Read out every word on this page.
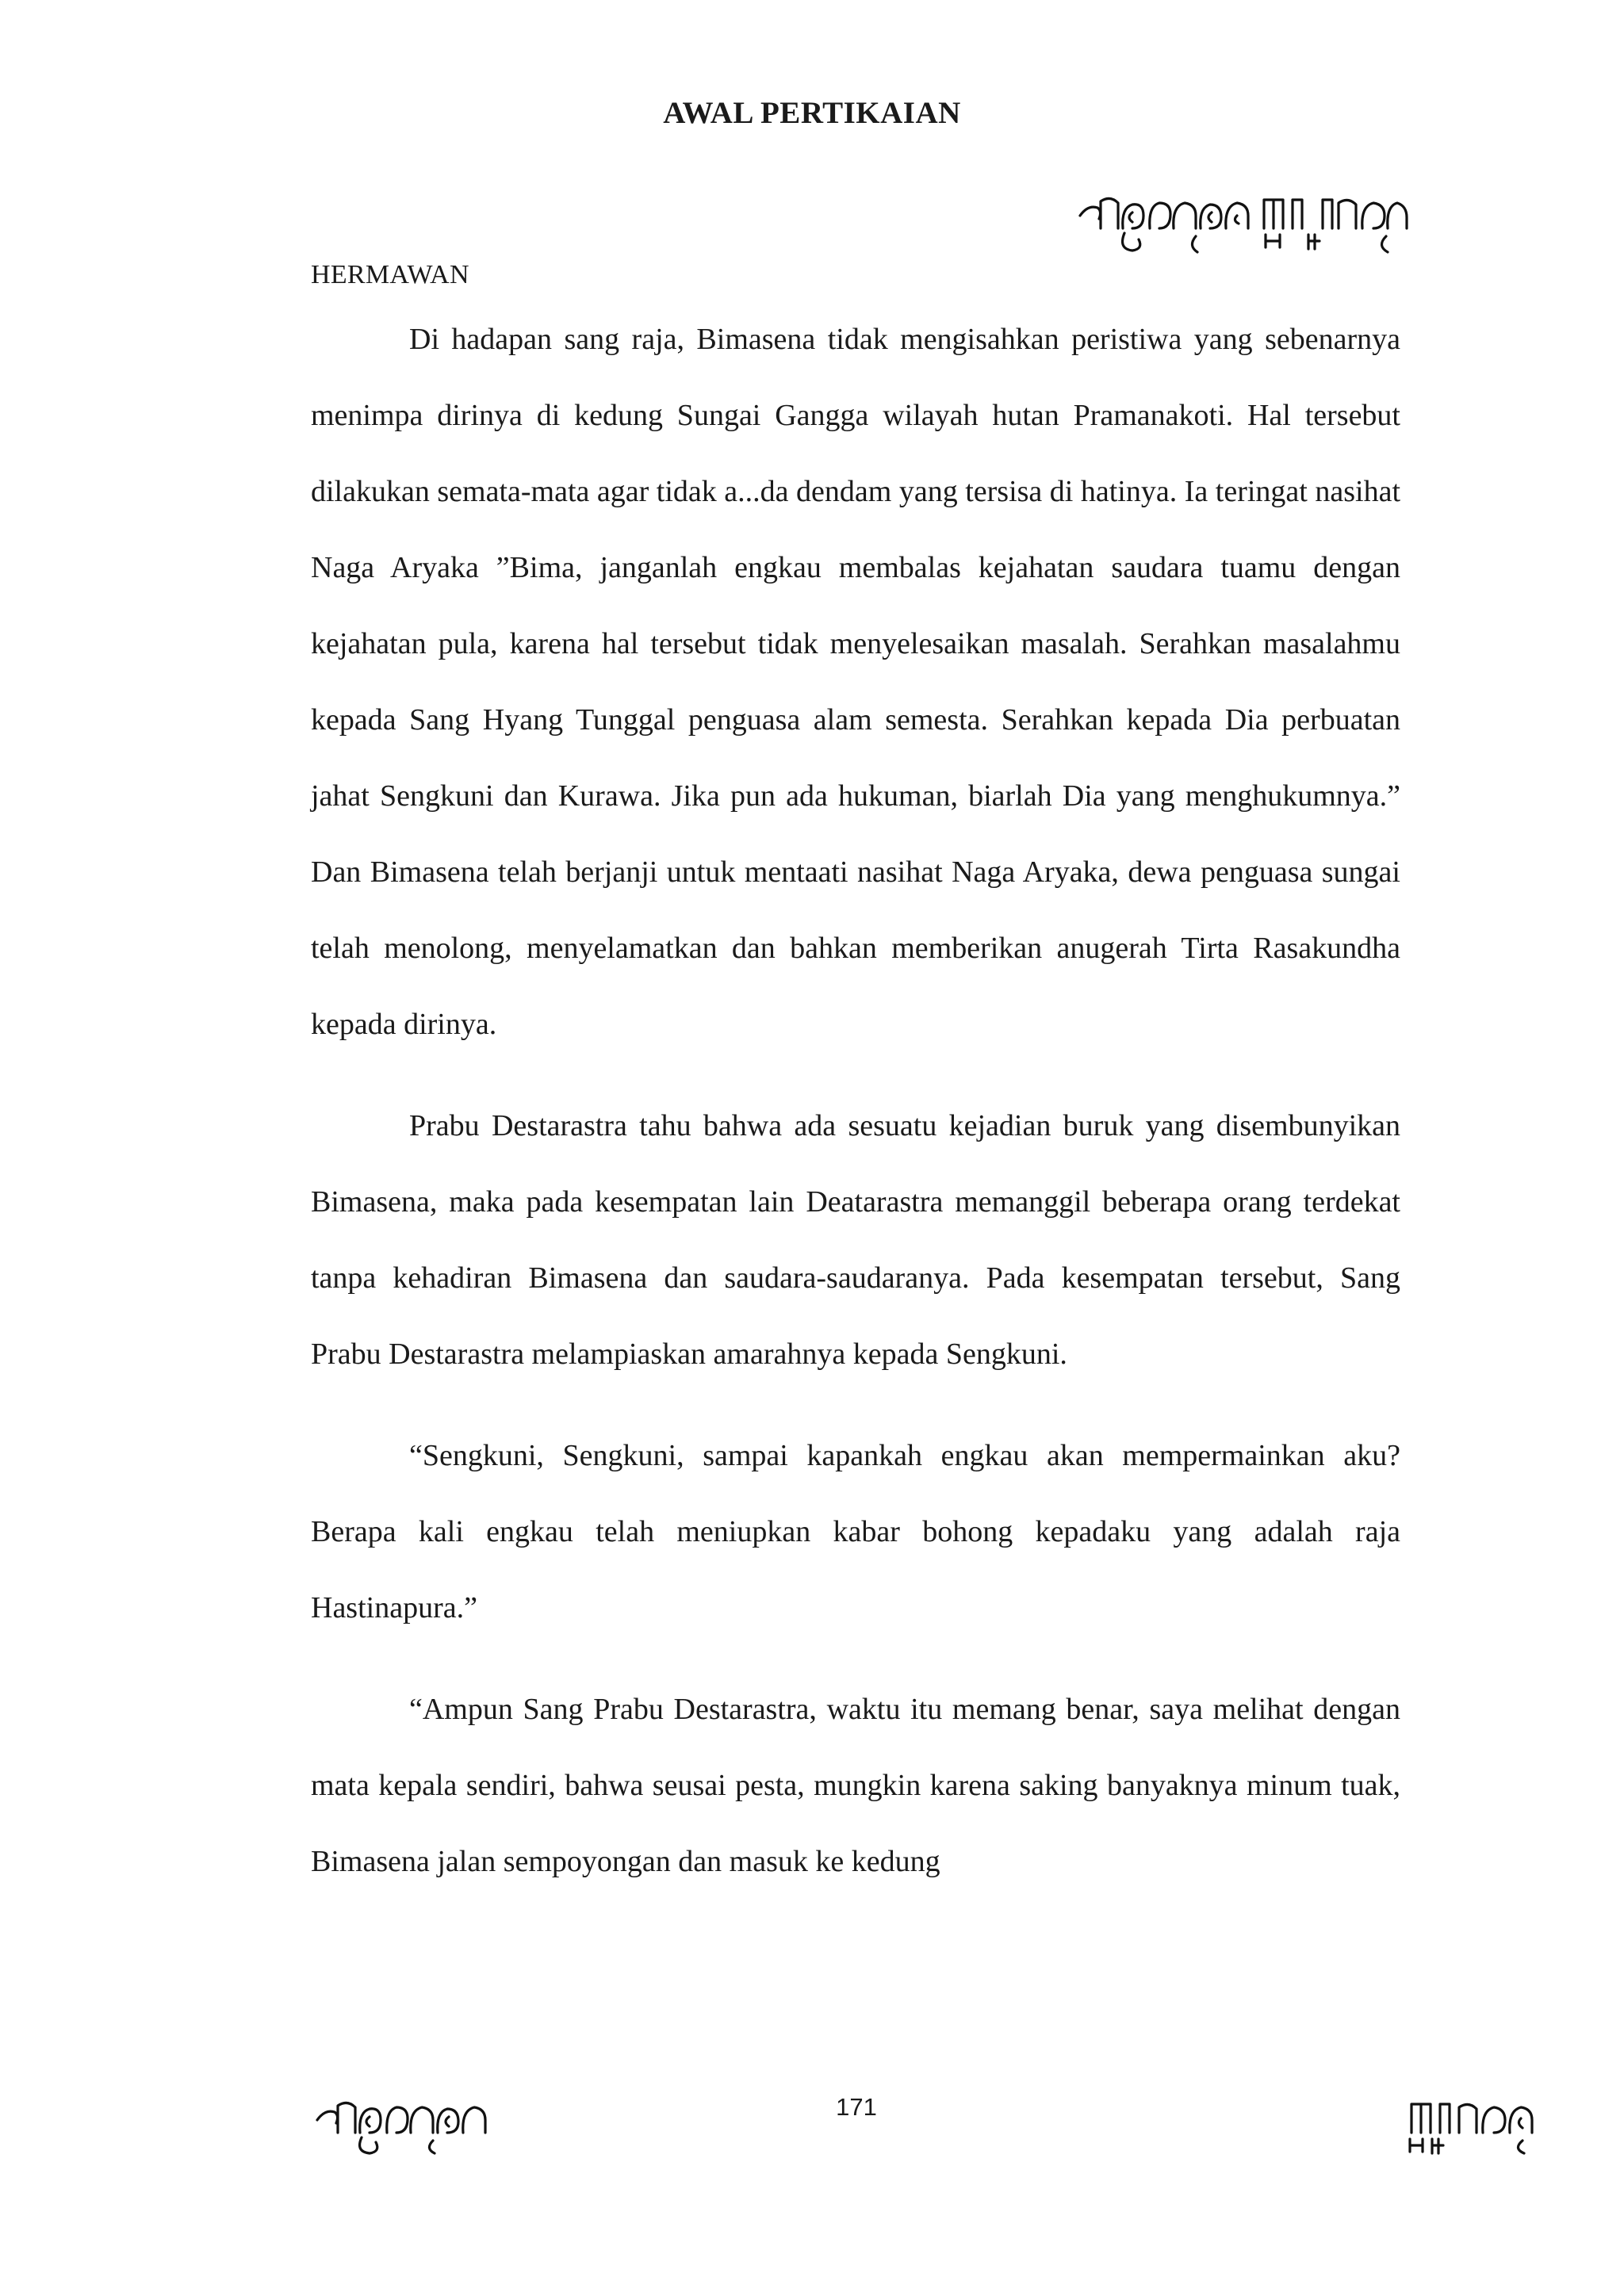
AWAL PERTIKAIAN
HERMAWAN

Di hadapan sang raja, Bimasena tidak mengisahkan peristiwa yang sebenarnya menimpa dirinya di kedung Sungai Gangga wilayah hutan Pramanakoti. Hal tersebut dilakukan semata-mata agar tidak a...da dendam yang tersisa di hatinya. Ia teringat nasihat Naga Aryaka ”Bima, janganlah engkau membalas kejahatan saudara tuamu dengan kejahatan pula, karena hal tersebut tidak menyelesaikan masalah. Serahkan masalahmu kepada Sang Hyang Tunggal penguasa alam semesta. Serahkan kepada Dia perbuatan jahat Sengkuni dan Kurawa. Jika pun ada hukuman, biarlah Dia yang menghukumnya.” Dan Bimasena telah berjanji untuk mentaati nasihat Naga Aryaka, dewa penguasa sungai telah menolong, menyelamatkan dan bahkan memberikan anugerah Tirta Rasakundha kepada dirinya.

Prabu Destarastra tahu bahwa ada sesuatu kejadian buruk yang disembunyikan Bimasena, maka pada kesempatan lain Deatarastra memanggil beberapa orang terdekat tanpa kehadiran Bimasena dan saudara-saudaranya. Pada kesempatan tersebut, Sang Prabu Destarastra melampiaskan amarahnya kepada Sengkuni.

“Sengkuni, Sengkuni, sampai kapankah engkau akan mempermainkan aku? Berapa kali engkau telah meniupkan kabar bohong kepadaku yang adalah raja Hastinapura.”

“Ampun Sang Prabu Destarastra, waktu itu memang benar, saya melihat dengan mata kepala sendiri, bahwa seusai pesta, mungkin karena saking banyaknya minum tuak, Bimasena jalan sempoyongan dan masuk ke kedung

171
